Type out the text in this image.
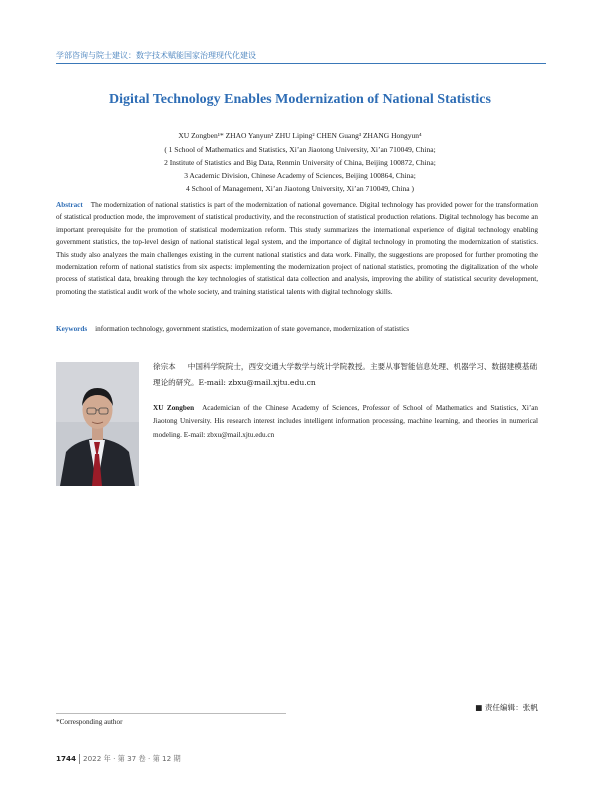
学部咨询与院士建议：数字技术赋能国家治理现代化建设
Digital Technology Enables Modernization of National Statistics
XU Zongben¹* ZHAO Yanyun² ZHU Liping² CHEN Guang³ ZHANG Hongyun⁴
( 1 School of Mathematics and Statistics, Xi’an Jiaotong University, Xi’an 710049, China;
2 Institute of Statistics and Big Data, Renmin University of China, Beijing 100872, China;
3 Academic Division, Chinese Academy of Sciences, Beijing 100864, China;
4 School of Management, Xi’an Jiaotong University, Xi’an 710049, China )
Abstract The modernization of national statistics is part of the modernization of national governance. Digital technology has provided power for the transformation of statistical production mode, the improvement of statistical productivity, and the reconstruction of statistical production relations. Digital technology has become an important prerequisite for the promotion of statistical modernization reform. This study summarizes the international experience of digital technology enabling government statistics, the top-level design of national statistical legal system, and the importance of digital technology in promoting the modernization of statistics. This study also analyzes the main challenges existing in the current national statistics and data work. Finally, the suggestions are proposed for further promoting the modernization reform of national statistics from six aspects: implementing the modernization project of national statistics, promoting the digitalization of the whole process of statistical data, breaking through the key technologies of statistical data collection and analysis, improving the ability of statistical security development, promoting the statistical audit work of the whole society, and training statistical talents with digital technology skills.
Keywords information technology, government statistics, modernization of state governance, modernization of statistics
徐宗本 中国科学院院士，西安交通大学数学与统计学院教授。主要从事智能信息处理、机器学习、数据建模基础理论的研究。E-mail: zbxu@mail.xjtu.edu.cn
XU Zongben Academician of the Chinese Academy of Sciences, Professor of School of Mathematics and Statistics, Xi’an Jiaotong University. His research interest includes intelligent information processing, machine learning, and theories in numerical modeling. E-mail: zbxu@mail.xjtu.edu.cn
■ 责任编辑：张帆
*Corresponding author
1744 2022 年 · 第 37 卷 · 第 12 期
